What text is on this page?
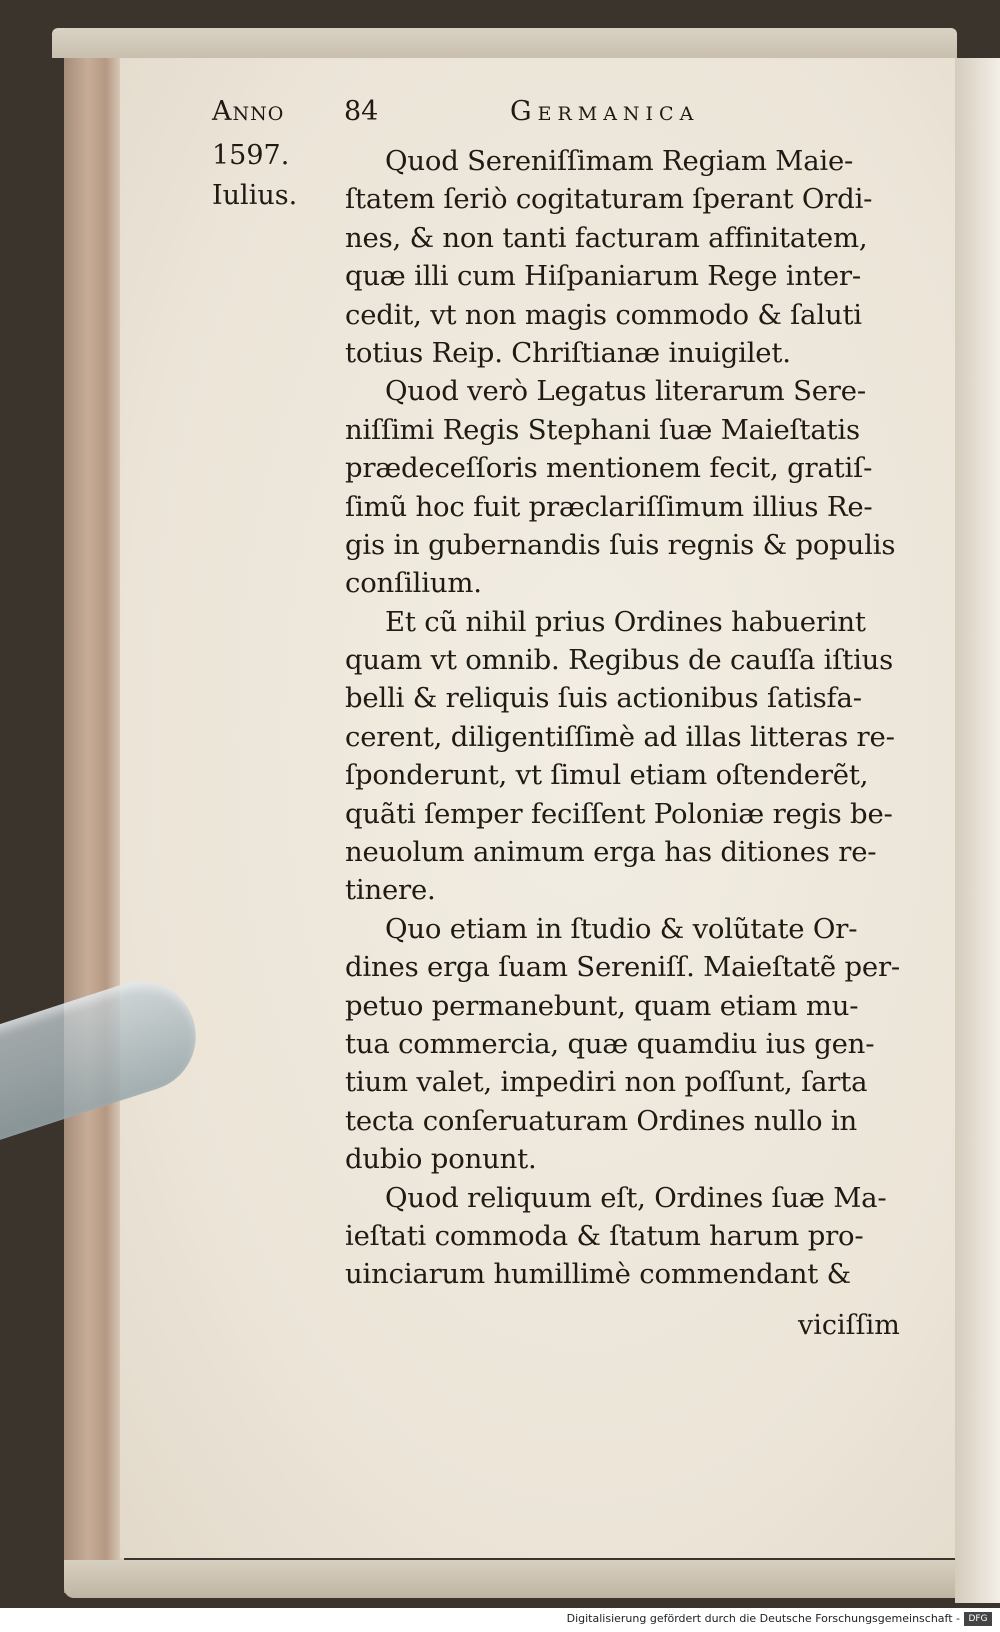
Anno 84	Germanica
1597.
Iulius.
Quod Sereniſſimam Regiam Maie-
ſtatem ſeriò cogitaturam ſperant Ordi-
nes, & non tanti facturam affinitatem,
quæ illi cum Hiſpaniarum Rege inter-
cedit, vt non magis commodo & ſaluti
totius Reip. Chriſtianæ inuigilet.
Quod verò Legatus literarum Sere-
niſſimi Regis Stephani ſuæ Maieſtatis
prædeceſſoris mentionem fecit, gratiſ-
ſimũ hoc fuit præclariſſimum illius Re-
gis in gubernandis ſuis regnis & populis
conſilium.
Et cũ nihil prius Ordines habuerint
quam vt omnib. Regibus de cauſſa iſtius
belli & reliquis ſuis actionibus ſatisfa-
cerent, diligentiſſimè ad illas litteras re-
ſponderunt, vt ſimul etiam oſtenderẽt,
quãti ſemper feciſſent Poloniæ regis be-
neuolum animum erga has ditiones re-
tinere.
Quo etiam in ſtudio & volũtate Or-
dines erga ſuam Sereniſſ. Maieſtatẽ per-
petuo permanebunt, quam etiam mu-
tua commercia, quæ quamdiu ius gen-
tium valet, impediri non poſſunt, ſarta
tecta conſeruaturam Ordines nullo in
dubio ponunt.
Quod reliquum eſt, Ordines ſuæ Ma-
ieſtati commoda & ſtatum harum pro-
uinciarum humillimè commendant &
viciſſim
Digitalisierung gefördert durch die Deutsche Forschungsgemeinschaft - DFG
